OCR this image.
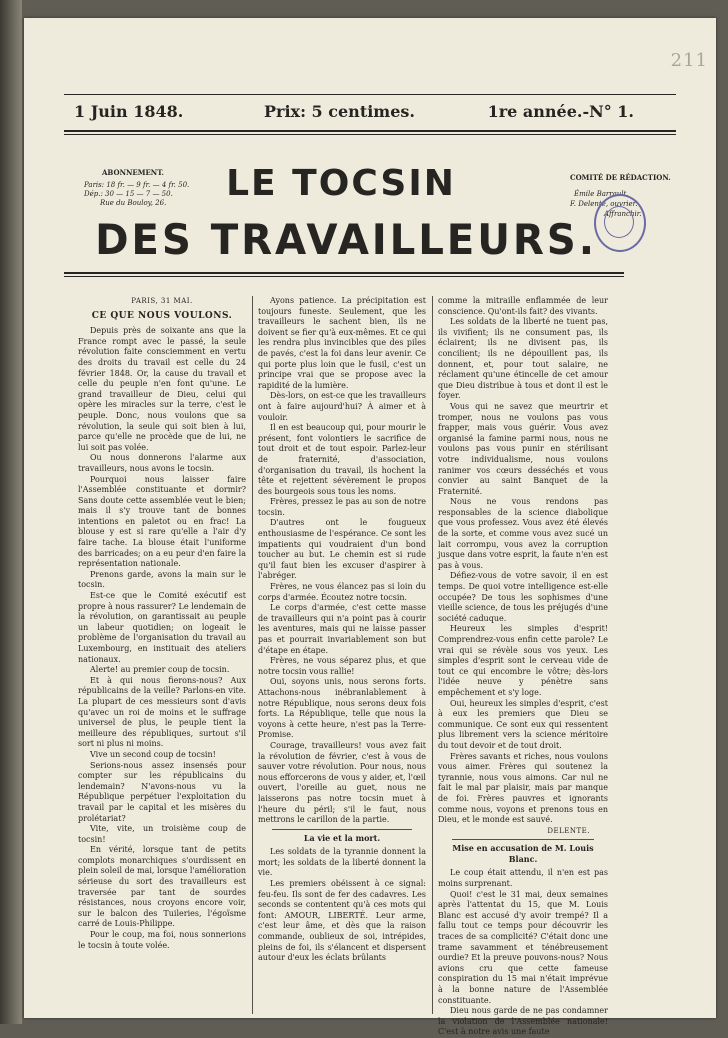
211
1 Juin 1848.	Prix: 5 centimes.	1re année.-N° 1.
ABONNEMENT.
Paris: 18 fr. — 9 fr. — 4 fr. 50.
Dép.: 30 — 15 — 7 — 50.
Rue du Bouloy, 26.	LE TOCSIN
DES TRAVAILLEURS.
COMITÉ DE RÉDACTION.
Émile Barrault.
F. Delente, ouvrier.
Affranchir.

PARIS, 31 MAI.

CE QUE NOUS VOULONS.

Depuis près de soixante ans que la France rompt avec le passé, la seule révolution faite consciemment en vertu des droits du travail est celle du 24 février 1848. Or, la cause du travail et celle du peuple n'en font qu'une. Le grand travailleur de Dieu, celui qui opère les miracles sur la terre, c'est le peuple. Donc, nous voulons que sa révolution, la seule qui soit bien à lui, parce qu'elle ne procède que de lui, ne lui soit pas volée.

Ou nous donnerons l'alarme aux travailleurs, nous avons le tocsin.

Pourquoi nous laisser faire l'Assemblée constituante et dormir? Sans doute cette assemblée veut le bien; mais il s'y trouve tant de bonnes intentions en paletot ou en frac! La blouse y est si rare qu'elle a l'air d'y faire tache. La blouse était l'uniforme des barricades; on a eu peur d'en faire la représentation nationale.

Prenons garde, avons la main sur le tocsin.

Est-ce que le Comité exécutif est propre à nous rassurer? Le lendemain de la révolution, on garantissait au peuple un labeur quotidien; on logeait le problème de l'organisation du travail au Luxembourg, en instituait des ateliers nationaux.

Alerte! au premier coup de tocsin.

Et à qui nous fierons-nous? Aux républicains de la veille? Parlons-en vite. La plupart de ces messieurs sont d'avis qu'avec un roi de moins et le suffrage universel de plus, le peuple tient la meilleure des républiques, surtout s'il sort ni plus ni moins.

Vive un second coup de tocsin!

Serions-nous assez insensés pour compter sur les républicains du lendemain? N'avons-nous vu la République perpétuer l'exploitation du travail par le capital et les misères du prolétariat?

Vite, vite, un troisième coup de tocsin!

En vérité, lorsque tant de petits complots monarchiques s'ourdissent en plein soleil de mai, lorsque l'amélioration sérieuse du sort des travailleurs est traversée par tant de sourdes résistances, nous croyons encore voir, sur le balcon des Tuileries, l'égoïsme carré de Louis-Philippe.

Pour le coup, ma foi, nous sonnerions le tocsin à toute volée.

Ayons patience. La précipitation est toujours funeste. Seulement, que les travailleurs le sachent bien, ils ne doivent se fier qu'à eux-mêmes. Et ce qui les rendra plus invincibles que des piles de pavés, c'est la foi dans leur avenir. Ce qui porte plus loin que le fusil, c'est un principe vrai que se propose avec la rapidité de la lumière.

Dès-lors, on est-ce que les travailleurs ont à faire aujourd'hui? À aimer et à vouloir.

Il en est beaucoup qui, pour mourir le présent, font volontiers le sacrifice de tout droit et de tout espoir. Parlez-leur de fraternité, d'association, d'organisation du travail, ils hochent la tête et rejettent sévèrement le propos des bourgeois sous tous les noms.

Frères, pressez le pas au son de notre tocsin.

D'autres ont le fougueux enthousiasme de l'espérance. Ce sont les impatients qui voudraient d'un bond toucher au but. Le chemin est si rude qu'il faut bien les excuser d'aspirer à l'abréger.

Frères, ne vous élancez pas si loin du corps d'armée. Écoutez notre tocsin.

Le corps d'armée, c'est cette masse de travailleurs qui n'a point pas à courir les aventures, mais qui ne laisse passer pas et pourrait invariablement son but d'étape en étape.

Frères, ne vous séparez plus, et que notre tocsin vous rallie!

Oui, soyons unis, nous serons forts. Attachons-nous inébranlablement à notre République, nous serons deux fois forts. La République, telle que nous la voyons à cette heure, n'est pas la Terre-Promise.

Courage, travailleurs! vous avez fait la révolution de février, c'est à vous de sauver votre révolution. Pour nous, nous nous efforcerons de vous y aider, et, l'œil ouvert, l'oreille au guet, nous ne laisserons pas notre tocsin muet à l'heure du péril; s'il le faut, nous mettrons le carillon de la partie.

La vie et la mort.

Les soldats de la tyrannie donnent la mort; les soldats de la liberté donnent la vie.

Les premiers obéissent à ce signal: feu-feu. Ils sont de fer des cadavres. Les seconds se contentent qu'à ces mots qui font: AMOUR, LIBERTÉ. Leur arme, c'est leur âme, et dès que la raison commande, oublieux de soi, intrépides, pleins de foi, ils s'élancent et dispersent autour d'eux les éclats brûlants

comme la mitraille enflammée de leur conscience. Qu'ont-ils fait? des vivants.

Les soldats de la liberté ne tuent pas, ils vivifient; ils ne consument pas, ils éclairent; ils ne divisent pas, ils concilient; ils ne dépouillent pas, ils donnent, et, pour tout salaire, ne réclament qu'une étincelle de cet amour que Dieu distribue à tous et dont il est le foyer.

Vous qui ne savez que meurtrir et tromper, nous ne voulons pas vous frapper, mais vous guérir. Vous avez organisé la famine parmi nous, nous ne voulons pas vous punir en stérilisant votre individualisme, nous voulons ranimer vos cœurs desséchés et vous convier au saint Banquet de la Fraternité.

Nous ne vous rendons pas responsables de la science diabolique que vous professez. Vous avez été élevés de la sorte, et comme vous avez sucé un lait corrompu, vous avez la corruption jusque dans votre esprit, la faute n'en est pas à vous.

Défiez-vous de votre savoir, il en est temps. De quoi votre intelligence est-elle occupée? De tous les sophismes d'une vieille science, de tous les préjugés d'une société caduque.

Heureux les simples d'esprit! Comprendrez-vous enfin cette parole? Le vrai qui se révèle sous vos yeux. Les simples d'esprit sont le cerveau vide de tout ce qui encombre le vôtre; dès-lors l'idée neuve y pénètre sans empêchement et s'y loge.

Oui, heureux les simples d'esprit, c'est à eux les premiers que Dieu se communique. Ce sont eux qui ressentent plus librement vers la science méritoire du tout devoir et de tout droit.

Frères savants et riches, nous voulons vous aimer. Frères qui soutenez la tyrannie, nous vous aimons. Car nul ne fait le mal par plaisir, mais par manque de foi. Frères pauvres et ignorants comme nous, voyons et prenons tous en Dieu, et le monde est sauvé.

DELENTE.

Mise en accusation de M. Louis Blanc.

Le coup était attendu, il n'en est pas moins surprenant.

Quoi! c'est le 31 mai, deux semaines après l'attentat du 15, que M. Louis Blanc est accusé d'y avoir trempé? Il a fallu tout ce temps pour découvrir les traces de sa complicité? C'était donc une trame savamment et ténébreusement ourdie? Et la preuve pouvons-nous? Nous avions cru que cette fameuse conspiration du 15 mai n'était imprévue à la bonne nature de l'Assemblée constituante.

Dieu nous garde de ne pas condamner la violation de l'Assemblée nationale! C'est à notre avis une faute
